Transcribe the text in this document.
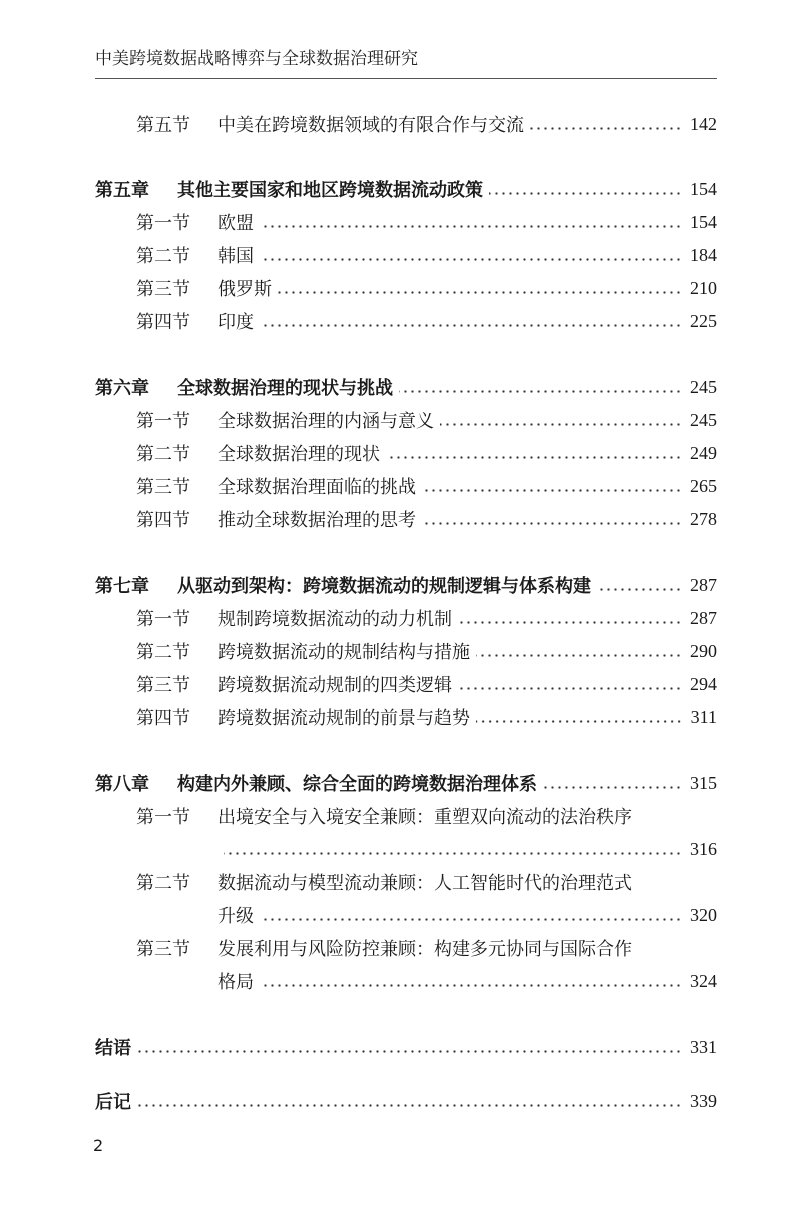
中美跨境数据战略博弈与全球数据治理研究
第五节	中美在跨境数据领域的有限合作与交流	142
第五章	其他主要国家和地区跨境数据流动政策	154
第一节	欧盟	154
第二节	韩国	184
第三节	俄罗斯	210
第四节	印度	225
第六章	全球数据治理的现状与挑战	245
第一节	全球数据治理的内涵与意义	245
第二节	全球数据治理的现状	249
第三节	全球数据治理面临的挑战	265
第四节	推动全球数据治理的思考	278
第七章	从驱动到架构：跨境数据流动的规制逻辑与体系构建	287
第一节	规制跨境数据流动的动力机制	287
第二节	跨境数据流动的规制结构与措施	290
第三节	跨境数据流动规制的四类逻辑	294
第四节	跨境数据流动规制的前景与趋势	311
第八章	构建内外兼顾、综合全面的跨境数据治理体系	315
第一节	出境安全与入境安全兼顾：重塑双向流动的法治秩序
316
第二节	数据流动与模型流动兼顾：人工智能时代的治理范式
升级	320
第三节	发展利用与风险防控兼顾：构建多元协同与国际合作
格局	324
结语	331
后记	339
2
